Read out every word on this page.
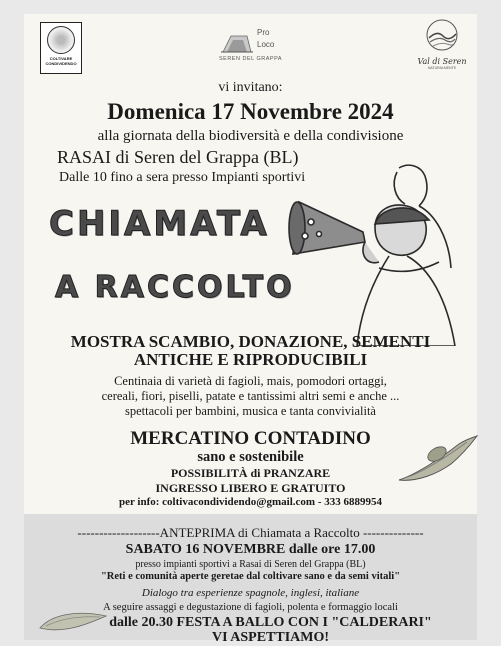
COLTIVARE
CONDIVIDENDO
Pro
Loco
SEREN DEL GRAPPA	Val di Seren
NATURALMENTE
vi invitano:
Domenica 17 Novembre 2024
alla giornata della biodiversità e della condivisione
RASAI di Seren del Grappa (BL)
Dalle 10 fino a sera presso Impianti sportivi
CHIAMATA
A RACCOLTO
MOSTRA SCAMBIO, DONAZIONE, SEMENTI
ANTICHE E RIPRODUCIBILI
Centinaia di varietà di fagioli, mais, pomodori ortaggi,
cereali, fiori, piselli, patate e tantissimi altri semi e anche ...
spettacoli per bambini, musica e tanta convivialità
MERCATINO CONTADINO
sano e sostenibile
POSSIBILITÀ di PRANZARE
INGRESSO LIBERO E GRATUITO
per info: coltivacondividendo@gmail.com - 333 6889954
-------------------ANTEPRIMA di Chiamata a Raccolto --------------
SABATO 16 NOVEMBRE dalle ore 17.00
presso impianti sportivi a Rasai di Seren del Grappa (BL)
"Reti e comunità aperte geretae dal coltivare sano e da semi vitali"
Dialogo tra esperienze spagnole, inglesi, italiane
A seguire assaggi e degustazione di fagioli, polenta e formaggio locali
dalle 20.30 FESTA A BALLO CON I "CALDERARI"
VI ASPETTIAMO!
